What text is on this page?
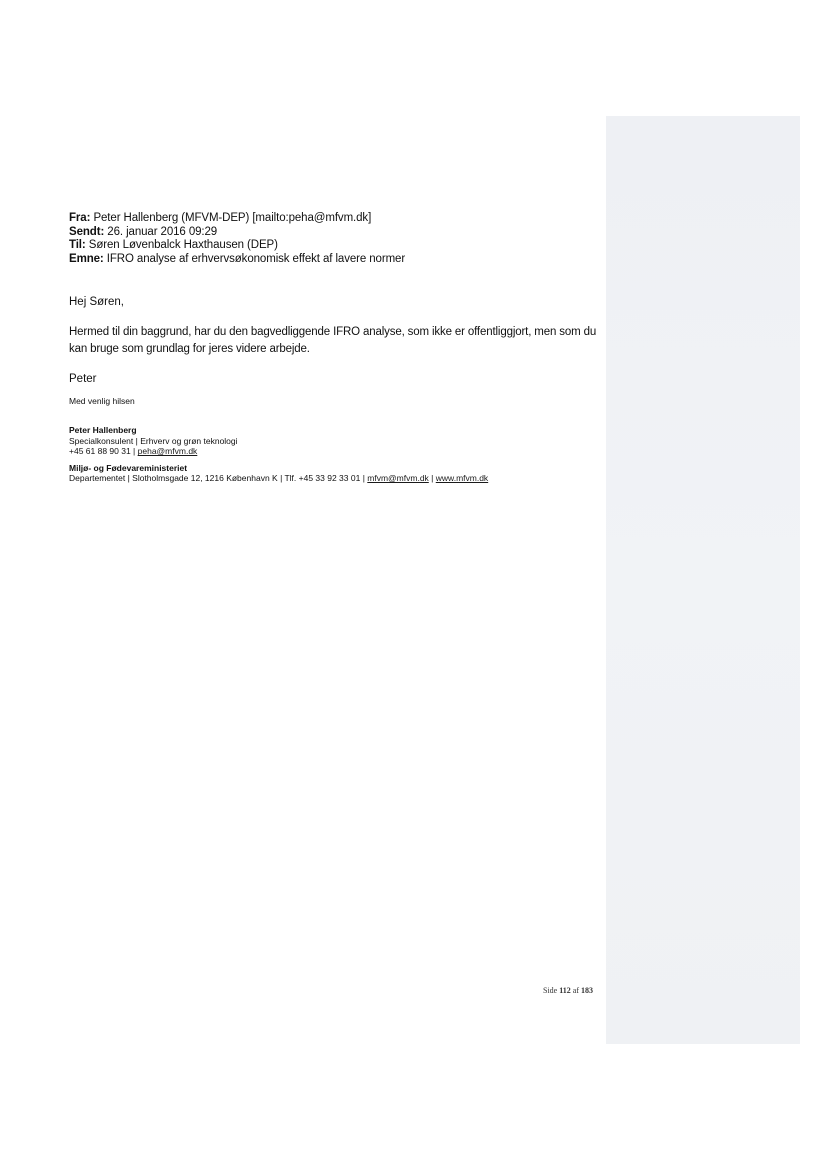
Fra: Peter Hallenberg (MFVM-DEP) [mailto:peha@mfvm.dk]
Sendt: 26. januar 2016 09:29
Til: Søren Løvenbalck Haxthausen (DEP)
Emne: IFRO analyse af erhvervsøkonomisk effekt af lavere normer
Hej Søren,
Hermed til din baggrund, har du den bagvedliggende IFRO analyse, som ikke er offentliggjort, men som du kan bruge som grundlag for jeres videre arbejde.
Peter
Med venlig hilsen
Peter Hallenberg
Specialkonsulent | Erhverv og grøn teknologi
+45 61 88 90 31 | peha@mfvm.dk
Miljø- og Fødevareministeriet
Departementet | Slotholmsgade 12, 1216 København K | Tlf. +45 33 92 33 01 | mfvm@mfvm.dk | www.mfvm.dk
Side 112 af 183
